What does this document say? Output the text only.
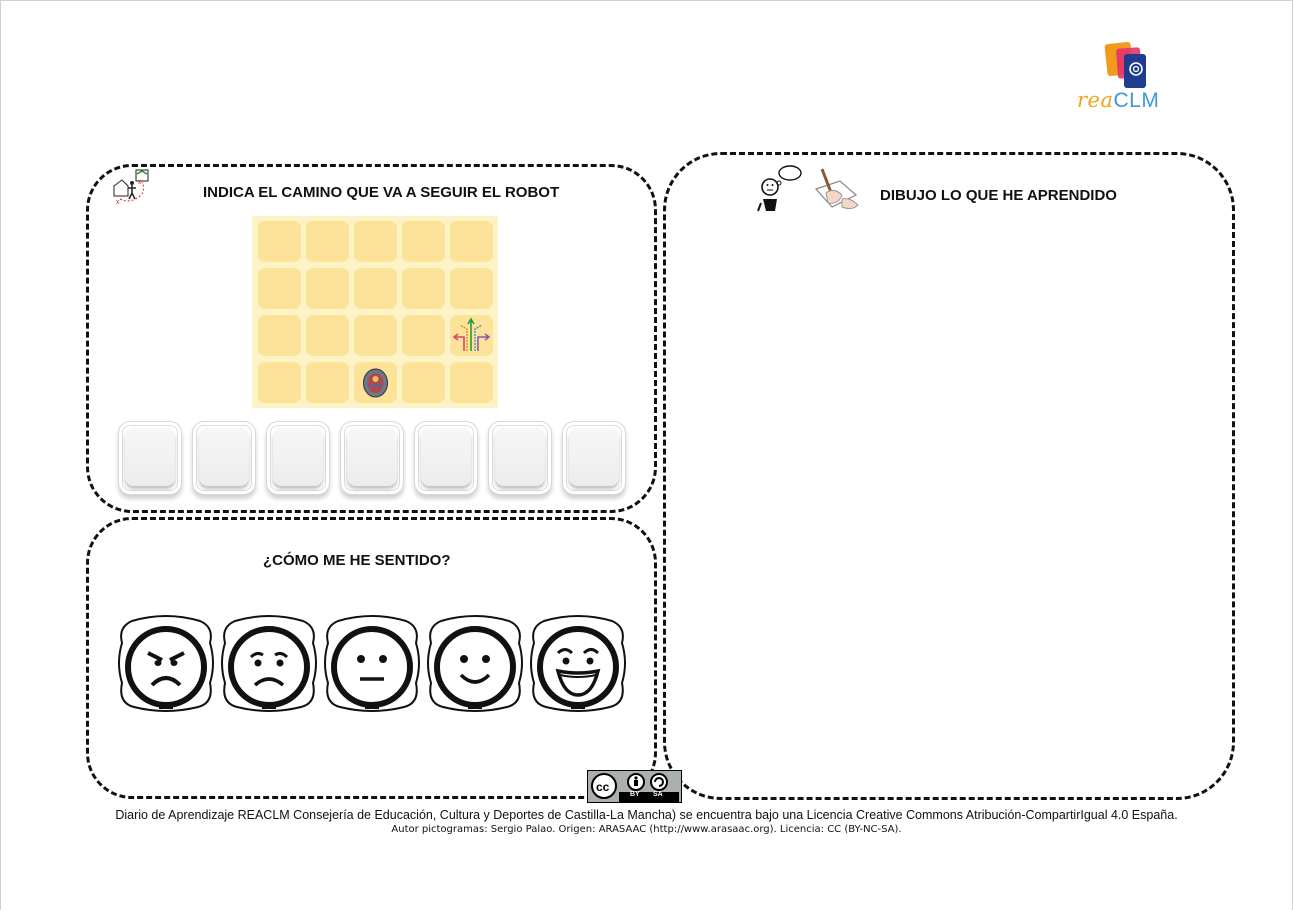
reaCLM
x
x
INDICA EL CAMINO QUE VA A SEGUIR EL ROBOT
¿CÓMO ME HE SENTIDO?
DIBUJO LO QUE HE APRENDIDO
cc
BY SA
Diario de Aprendizaje REACLM Consejería de Educación, Cultura y Deportes de Castilla-La Mancha) se encuentra bajo una Licencia Creative Commons Atribución-CompartirIgual 4.0 España.
Autor pictogramas: Sergio Palao. Origen: ARASAAC (http://www.arasaac.org). Licencia: CC (BY-NC-SA).
